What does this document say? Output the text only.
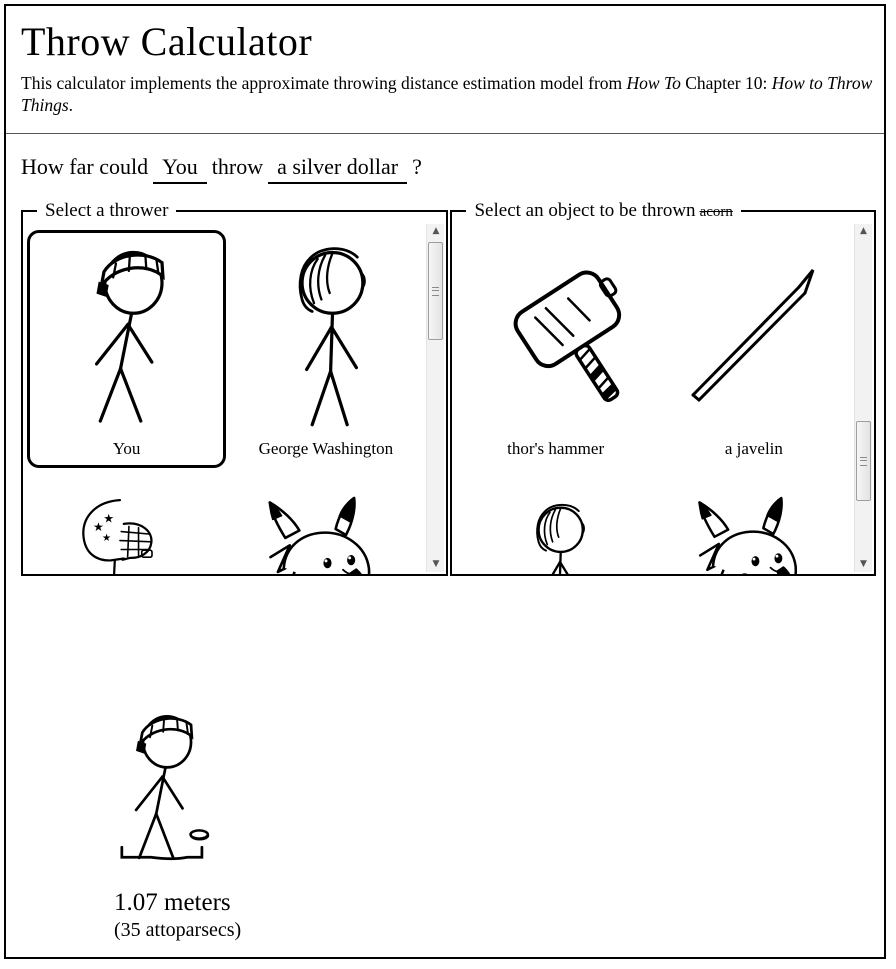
Throw Calculator

This calculator implements the approximate throwing distance estimation model from How To Chapter 10: How to Throw Things.

How far could You throw a silver dollar ?
Select a thrower
You	George Washington
▲
▼
Select an object to be thrown acorn
thor's hammer	a javelin
▲
▼
1.07 meters
(35 attoparsecs)
